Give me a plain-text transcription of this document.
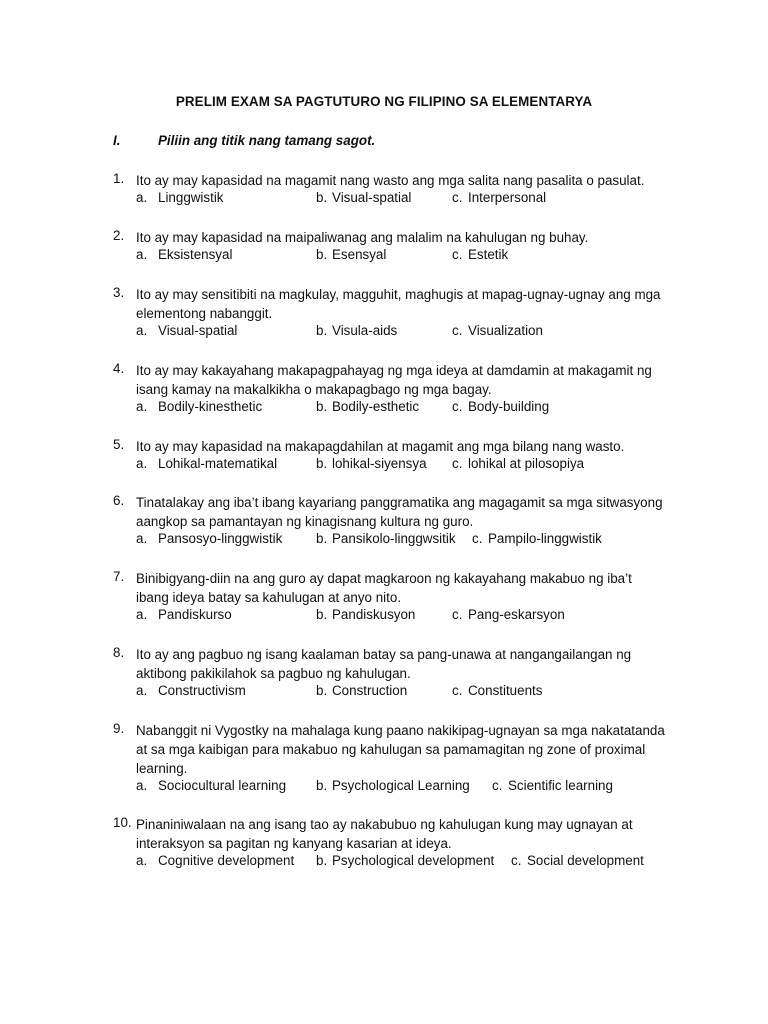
PRELIM EXAM SA PAGTUTURO NG FILIPINO SA ELEMENTARYA
I.	Piliin ang titik nang tamang sagot.
1. Ito ay may kapasidad na magamit nang wasto ang mga salita nang pasalita o pasulat.
a. Linggwistik	b. Visual-spatial	c. Interpersonal
2. Ito ay may kapasidad na maipaliwanag ang malalim na kahulugan ng buhay.
a. Eksistensyal	b. Esensyal	c. Estetik
3. Ito ay may sensitibiti na magkulay, magguhit, maghugis at mapag-ugnay-ugnay ang mga
elementong nabanggit.
a. Visual-spatial	b. Visula-aids	c. Visualization
4. Ito ay may kakayahang makapagpahayag ng mga ideya at damdamin at makagamit ng
isang kamay na makalkikha o makapagbago ng mga bagay.
a. Bodily-kinesthetic	b. Bodily-esthetic c. Body-building
5. Ito ay may kapasidad na makapagdahilan at magamit ang mga bilang nang wasto.
a. Lohikal-matematikal	b. lohikal-siyensya c. lohikal at pilosopiya
6. Tinatalakay ang iba’t ibang kayariang panggramatika ang magagamit sa mga sitwasyong
aangkop sa pamantayan ng kinagisnang kultura ng guro.
a. Pansosyo-linggwistik	b. Pansikolo-linggwsitik c. Pampilo-linggwistik
7. Binibigyang-diin na ang guro ay dapat magkaroon ng kakayahang makabuo ng iba’t
ibang ideya batay sa kahulugan at anyo nito.
a. Pandiskurso	b. Pandiskusyon	c. Pang-eskarsyon
8. Ito ay ang pagbuo ng isang kaalaman batay sa pang-unawa at nangangailangan ng
aktibong pakikilahok sa pagbuo ng kahulugan.
a. Constructivism	b. Construction	c. Constituents
9. Nabanggit ni Vygostky na mahalaga kung paano nakikipag-ugnayan sa mga nakatatanda
at sa mga kaibigan para makabuo ng kahulugan sa pamamagitan ng zone of proximal
learning.
a. Sociocultural learning b. Psychological Learning c. Scientific learning
10. Pinaniniwalaan na ang isang tao ay nakabubuo ng kahulugan kung may ugnayan at
interaksyon sa pagitan ng kanyang kasarian at ideya.
a. Cognitive development b. Psychological development c. Social development
